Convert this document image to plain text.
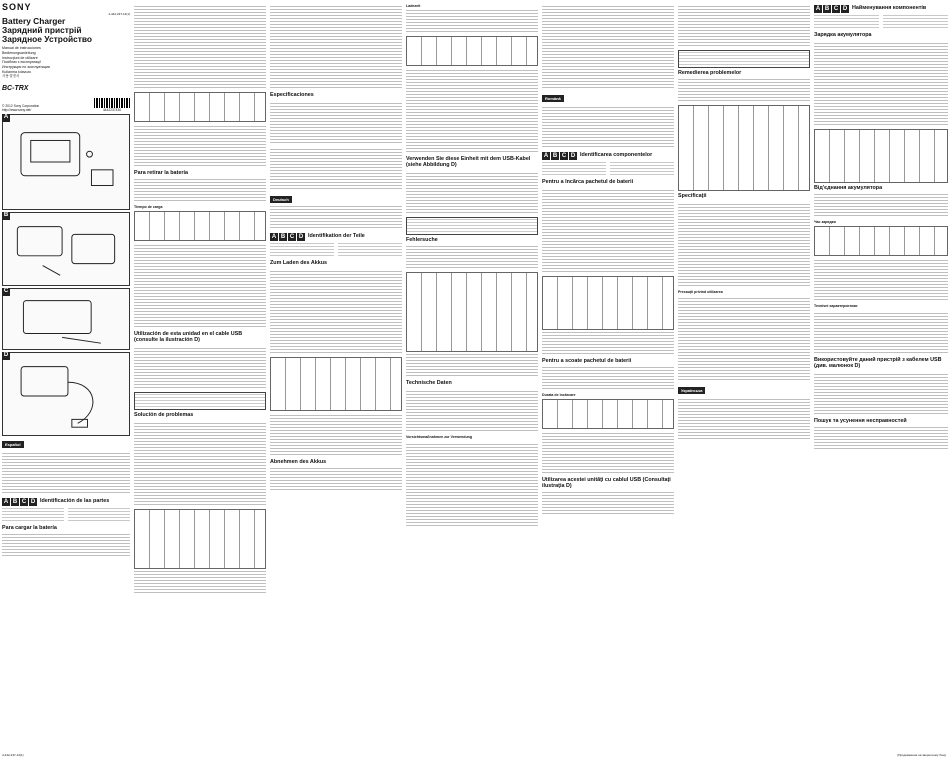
SONY
4-442-237-12(1)
Battery Charger
Зарядний пристрій
Зарядное Устройство
Manual de instrucciones
Bedienungsanleitung
Instrucţiuni de utilizare
Посібник з експлуатації
Инструкция по эксплуатации
Kullanma kılavuzu
사용설명서
BC-TRX
© 2012 Sony Corporation
http://www.sony.net/	4442237430
A
B
C
D
Español
A B C D Identificación de las partes
Para cargar la batería
4-442-237-12(1)
Para retirar la batería
Tiempo de carga
Utilización de esta unidad en el cable USB (consulte la ilustración D)
Solución de problemas
Especificaciones
Deutsch
A B C D Identifikation der Teile
Zum Laden des Akkus
Abnehmen des Akkus
Ladezeit
Verwenden Sie diese Einheit mit dem USB-Kabel (siehe Abbildung D)
Fehlersuche
Technische Daten
Vorsichtsmaßnahmen zur Verwendung
Română
A B C D Identificarea componentelor
Pentru a încărca pachetul de baterii
Pentru a scoate pachetul de baterii
Durata de încărcare
Utilizarea acestei unităţi cu cablul USB (Consultaţi ilustraţia D)
Remedierea problemelor
Specificaţii
Precauţii privind utilizarea
Українська
A B C D Найменування компонентів
Зарядка акумулятора
Від'єднання акумулятора
Час зарядки
Технічні характеристики
Використовуйте даний пристрій з кабелем USB (див. малюнок D)
Пошук та усунення несправностей
(Продовження на зворотному боці)
